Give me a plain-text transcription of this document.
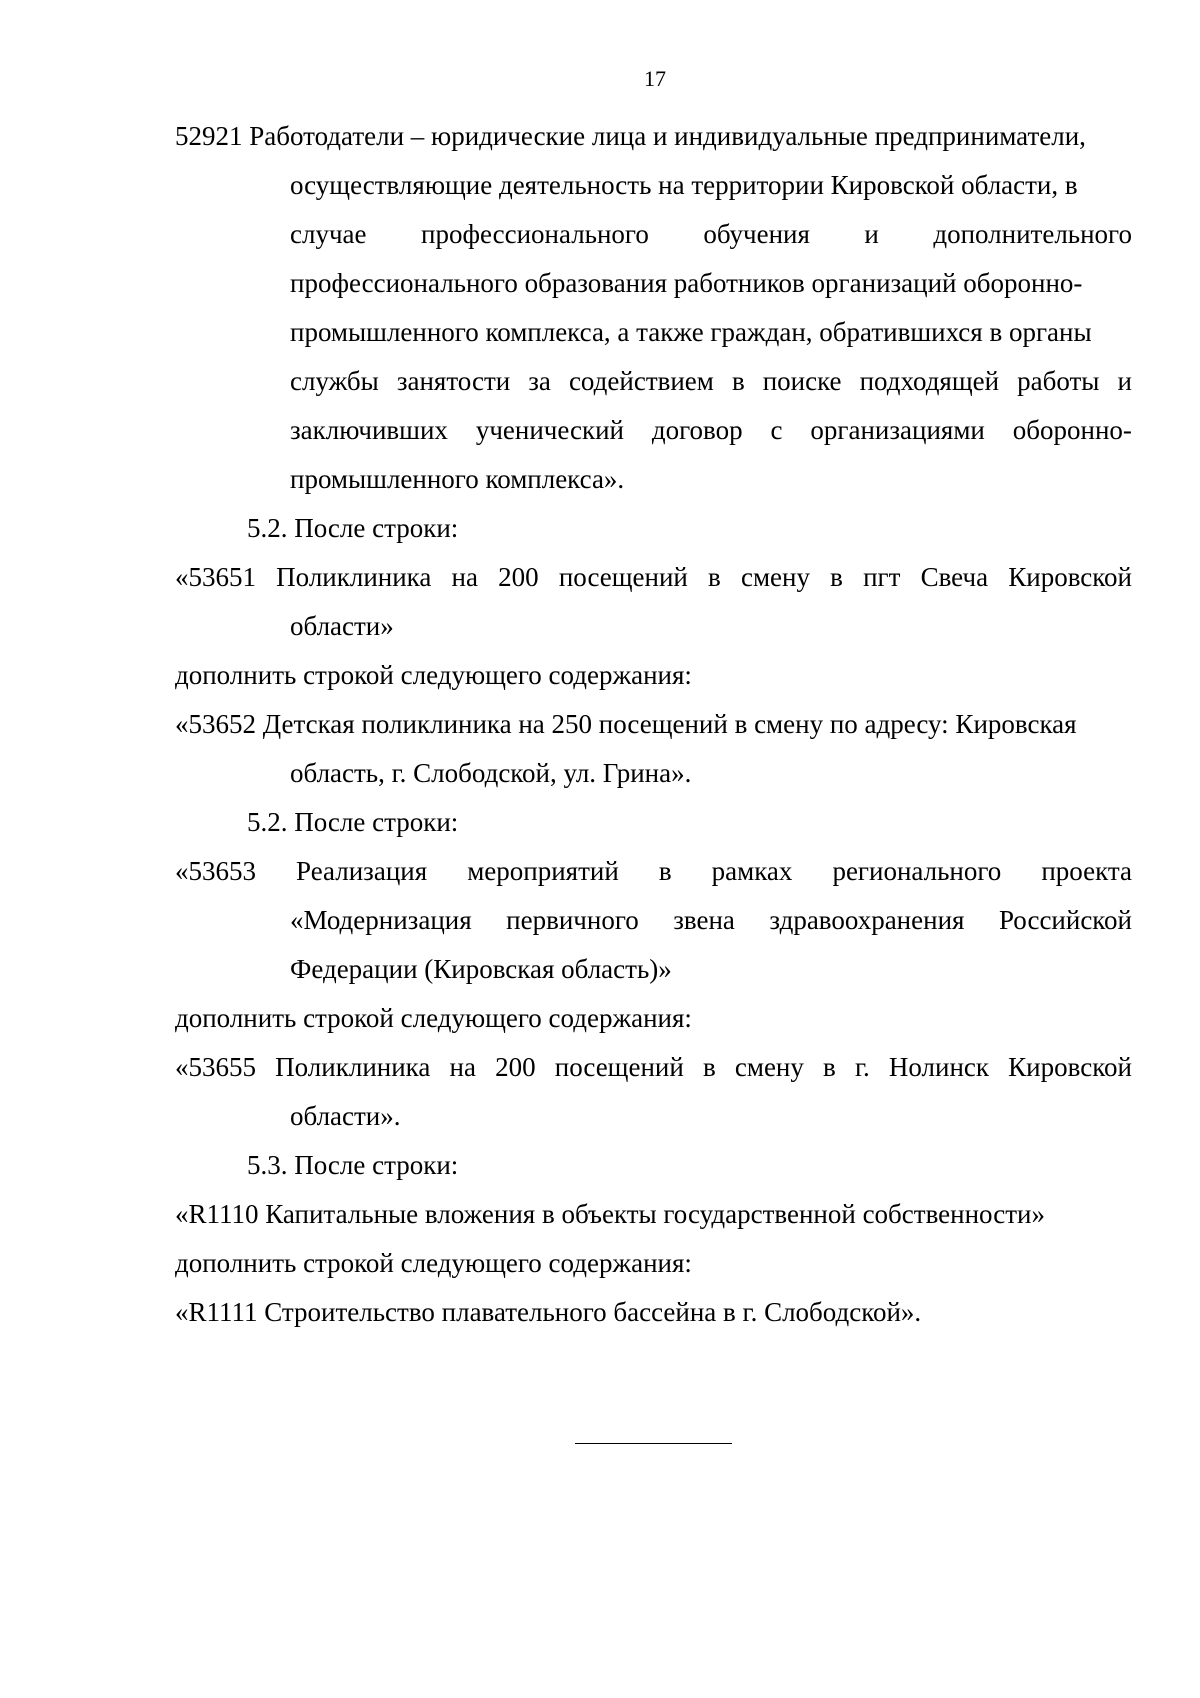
17
52921 Работодатели – юридические лица и индивидуальные предприниматели,
осуществляющие деятельность на территории Кировской области, в
случае профессионального обучения и дополнительного
профессионального образования работников организаций оборонно-
промышленного комплекса, а также граждан, обратившихся в органы
службы занятости за содействием в поиске подходящей работы и
заключивших ученический договор с организациями оборонно-
промышленного комплекса».
5.2. После строки:
«53651 Поликлиника на 200 посещений в смену в пгт Свеча Кировской
области»
дополнить строкой следующего содержания:
«53652 Детская поликлиника на 250 посещений в смену по адресу: Кировская
область, г. Слободской, ул. Грина».
5.2. После строки:
«53653 Реализация мероприятий в рамках регионального проекта
«Модернизация первичного звена здравоохранения Российской
Федерации (Кировская область)»
дополнить строкой следующего содержания:
«53655 Поликлиника на 200 посещений в смену в г. Нолинск Кировской
области».
5.3. После строки:
«R1110 Капитальные вложения в объекты государственной собственности»
дополнить строкой следующего содержания:
«R1111 Строительство плавательного бассейна в г. Слободской».
